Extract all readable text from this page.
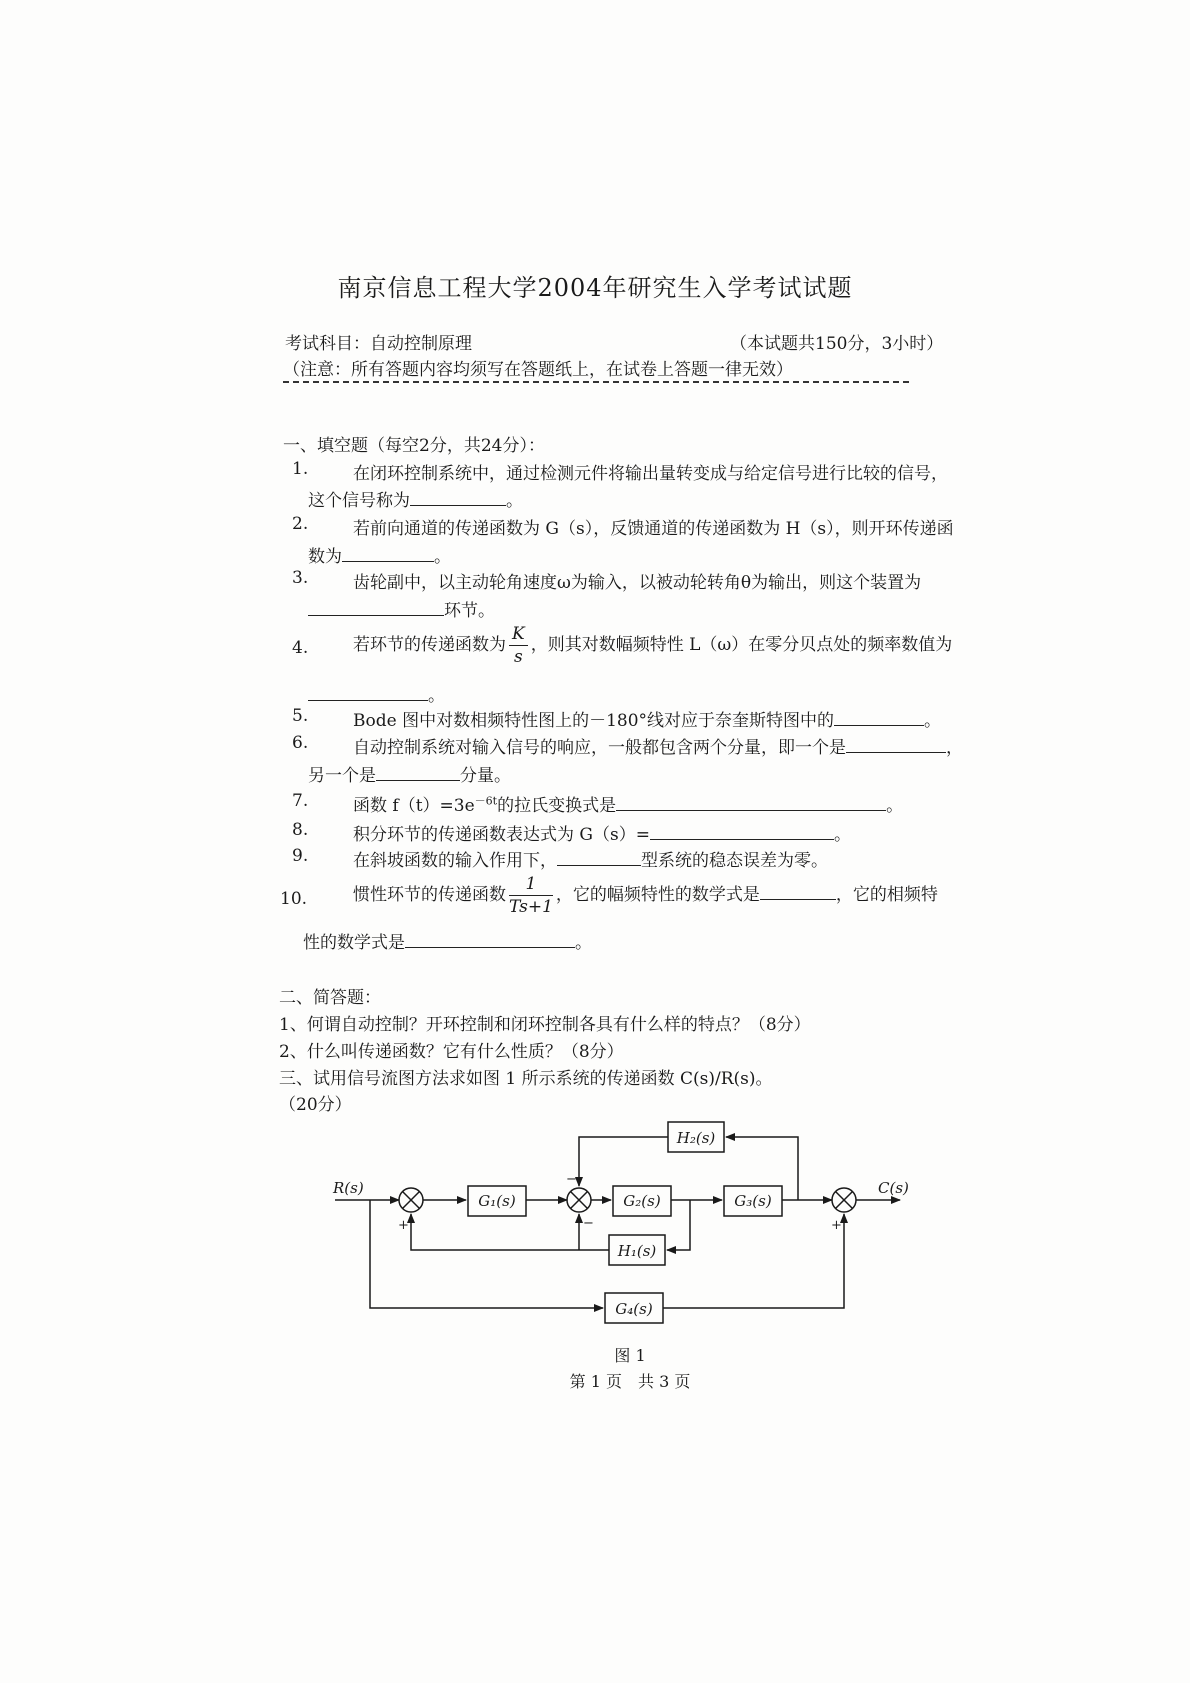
南京信息工程大学2004年研究生入学考试试题
考试科目：自动控制原理	（本试题共150分，3小时）
（注意：所有答题内容均须写在答题纸上，在试卷上答题一律无效）
一、填空题（每空2分，共24分）：
1.	在闭环控制系统中，通过检测元件将输出量转变成与给定信号进行比较的信号，
这个信号称为	。
2.	若前向通道的传递函数为 G（s），反馈通道的传递函数为 H（s），则开环传递函
数为	。
3.	齿轮副中，以主动轮角速度ω为输入，以被动轮转角θ为输出，则这个装置为
环节。
4.	若环节的传递函数为 $\frac{K}{s}$ ，则其对数幅频特性 L（ω）在零分贝点处的频率数值为
。
5.	Bode 图中对数相频特性图上的－180°线对应于奈奎斯特图中的	。
6.	自动控制系统对输入信号的响应，一般都包含两个分量，即一个是	，
另一个是	分量。
7.	函数 $f(t)=3e^{-6t}$的拉氏变换式是	。
8.	积分环节的传递函数表达式为 G（s）=	。
9.	在斜坡函数的输入作用下，	型系统的稳态误差为零。
10.	惯性环节的传递函数 $\frac{1}{Ts+1}$ ，它的幅频特性的数学式是	，它的相频特
性的数学式是	。
二、简答题：
1、何谓自动控制？开环控制和闭环控制各具有什么样的特点？（8分）
2、什么叫传递函数？它有什么性质？（8分）
三、试用信号流图方法求如图 1 所示系统的传递函数 C(s)/R(s)。
（20分）
R(s)	C(s)
G₁(s)	G₂(s)	G₃(s)
H₂(s)
H₁(s)
G₄(s)
+
−
−	+
图 1
第 1 页　共 3 页
